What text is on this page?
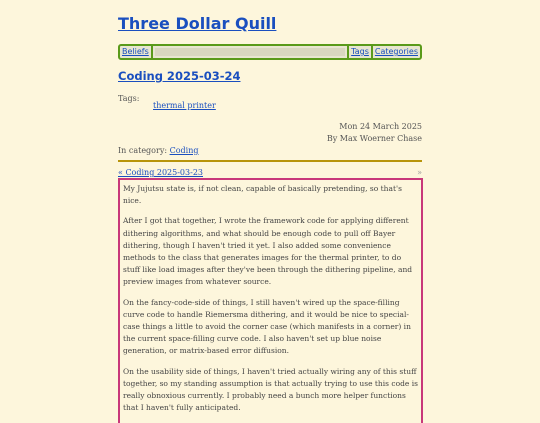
Three Dollar Quill
Beliefs	Tags Categories
Coding 2025-03-24
Tags:
thermal printer
Mon 24 March 2025
By Max Woerner Chase
In category: Coding
« Coding 2025-03-23	»

My Jujutsu state is, if not clean, capable of basically pretending, so that's nice.

After I got that together, I wrote the framework code for applying different dithering algorithms, and what should be enough code to pull off Bayer dithering, though I haven't tried it yet. I also added some convenience methods to the class that generates images for the thermal printer, to do stuff like load images after they've been through the dithering pipeline, and preview images from whatever source.

On the fancy-code-side of things, I still haven't wired up the space-filling curve code to handle Riemersma dithering, and it would be nice to special-case things a little to avoid the corner case (which manifests in a corner) in the current space-filling curve code. I also haven't set up blue noise generation, or matrix-based error diffusion.

On the usability side of things, I haven't tried actually wiring any of this stuff together, so my standing assumption is that actually trying to use this code is really obnoxious currently. I probably need a bunch more helper functions that I haven't fully anticipated.
